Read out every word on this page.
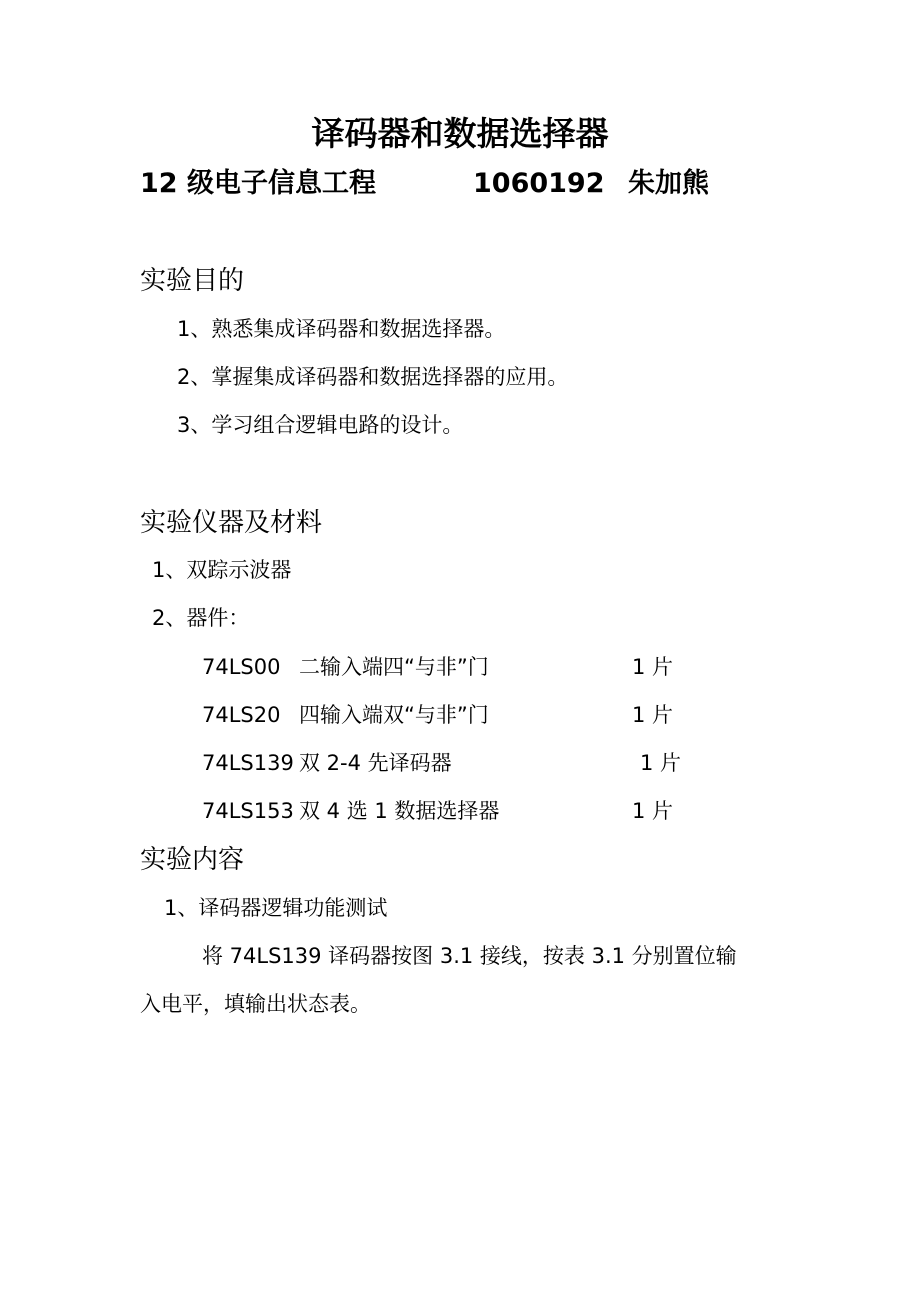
译码器和数据选择器
12 级电子信息工程	1060192 朱加熊
实验目的
1、熟悉集成译码器和数据选择器。
2、掌握集成译码器和数据选择器的应用。
3、学习组合逻辑电路的设计。
实验仪器及材料
1、双踪示波器
2、器件：
74LS00 二输入端四“与非”门	1 片
74LS20 四输入端双“与非”门	1 片
74LS139 双 2-4 先译码器	1 片
74LS153 双 4 选 1 数据选择器	1 片
实验内容
1、译码器逻辑功能测试
将 74LS139 译码器按图 3.1 接线，按表 3.1 分别置位输
入电平，填输出状态表。
